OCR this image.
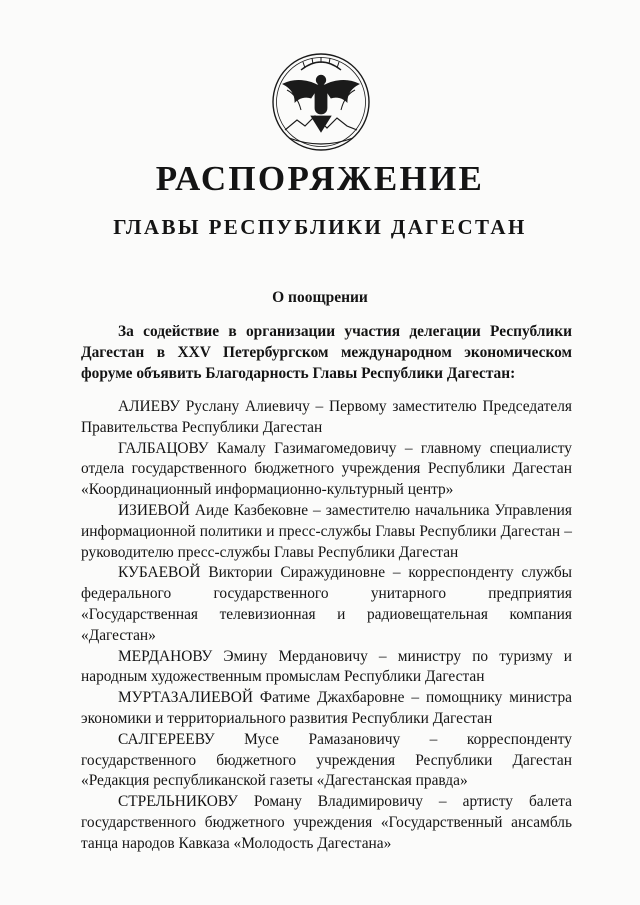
РАСПОРЯЖЕНИЕ
ГЛАВЫ РЕСПУБЛИКИ ДАГЕСТАН
О поощрении

За содействие в организации участия делегации Республики Дагестан в XXV Петербургском международном экономическом форуме объявить Благодарность Главы Республики Дагестан:

АЛИЕВУ Руслану Алиевичу – Первому заместителю Председателя Правительства Республики Дагестан

ГАЛБАЦОВУ Камалу Газимагомедовичу – главному специалисту отдела государственного бюджетного учреждения Республики Дагестан «Координационный информационно-культурный центр»

ИЗИЕВОЙ Аиде Казбековне – заместителю начальника Управления информационной политики и пресс-службы Главы Республики Дагестан – руководителю пресс-службы Главы Республики Дагестан

КУБАЕВОЙ Виктории Сиражудиновне – корреспонденту службы федерального государственного унитарного предприятия «Государственная телевизионная и радиовещательная компания «Дагестан»

МЕРДАНОВУ Эмину Мердановичу – министру по туризму и народным художественным промыслам Республики Дагестан

МУРТАЗАЛИЕВОЙ Фатиме Джахбаровне – помощнику министра экономики и территориального развития Республики Дагестан

САЛГЕРЕЕВУ Мусе Рамазановичу – корреспонденту государственного бюджетного учреждения Республики Дагестан «Редакция республиканской газеты «Дагестанская правда»

СТРЕЛЬНИКОВУ Роману Владимировичу – артисту балета государственного бюджетного учреждения «Государственный ансамбль танца народов Кавказа «Молодость Дагестана»
